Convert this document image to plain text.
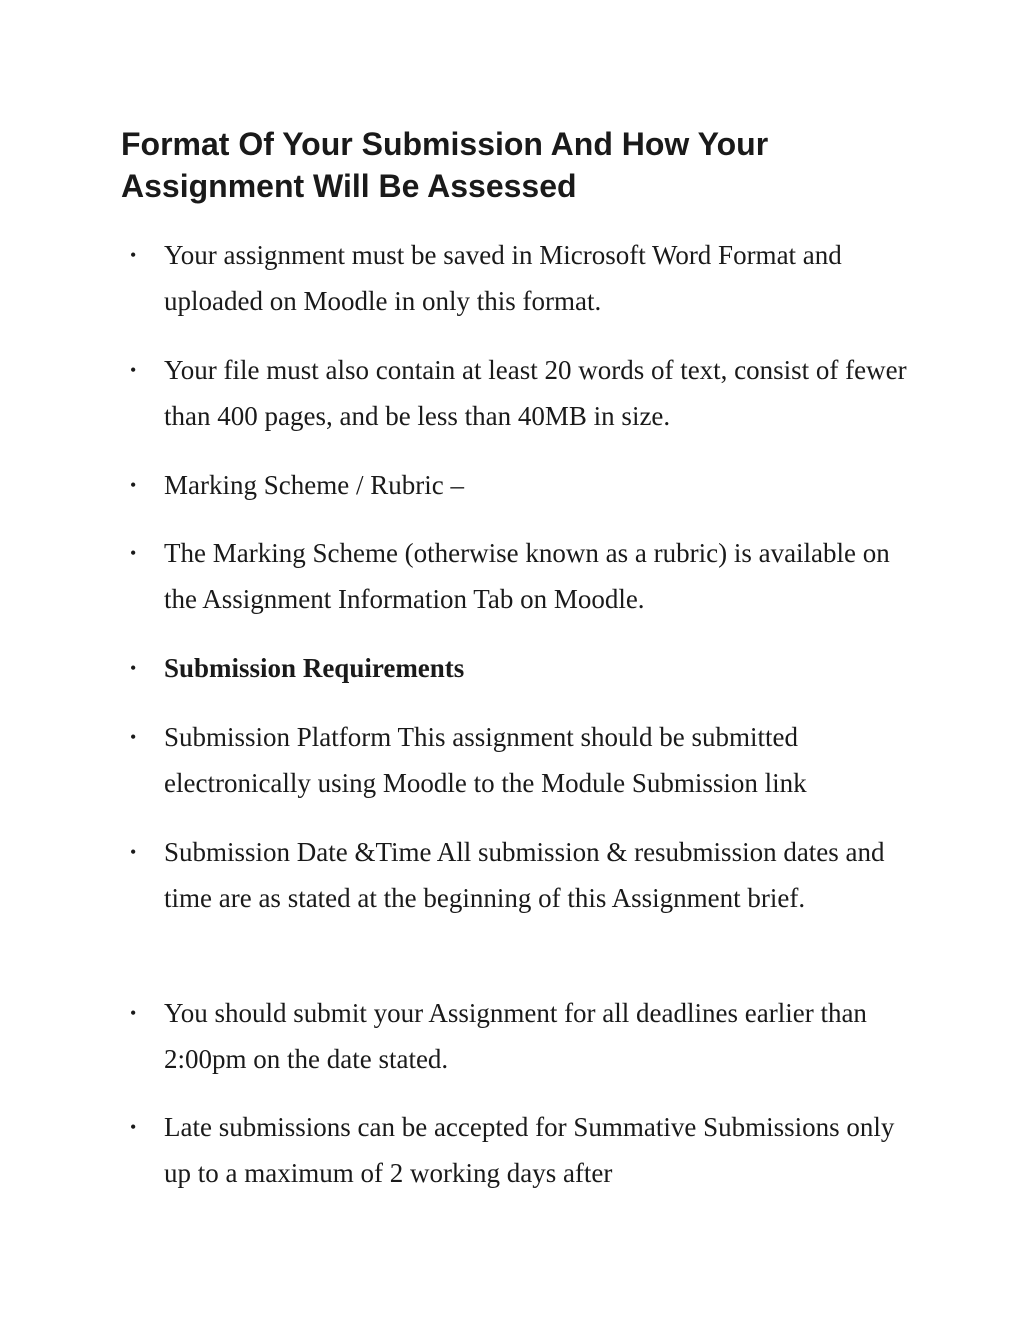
Format Of Your Submission And How Your Assignment Will Be Assessed
• Your assignment must be saved in Microsoft Word Format and uploaded on Moodle in only this format.
• Your file must also contain at least 20 words of text, consist of fewer than 400 pages, and be less than 40MB in size.
• Marking Scheme / Rubric –
• The Marking Scheme (otherwise known as a rubric) is available on the Assignment Information Tab on Moodle.
• Submission Requirements
• Submission Platform This assignment should be submitted electronically using Moodle to the Module Submission link
• Submission Date &Time All submission & resubmission dates and time are as stated at the beginning of this Assignment brief.
• You should submit your Assignment for all deadlines earlier than 2:00pm on the date stated.
• Late submissions can be accepted for Summative Submissions only up to a maximum of 2 working days after
